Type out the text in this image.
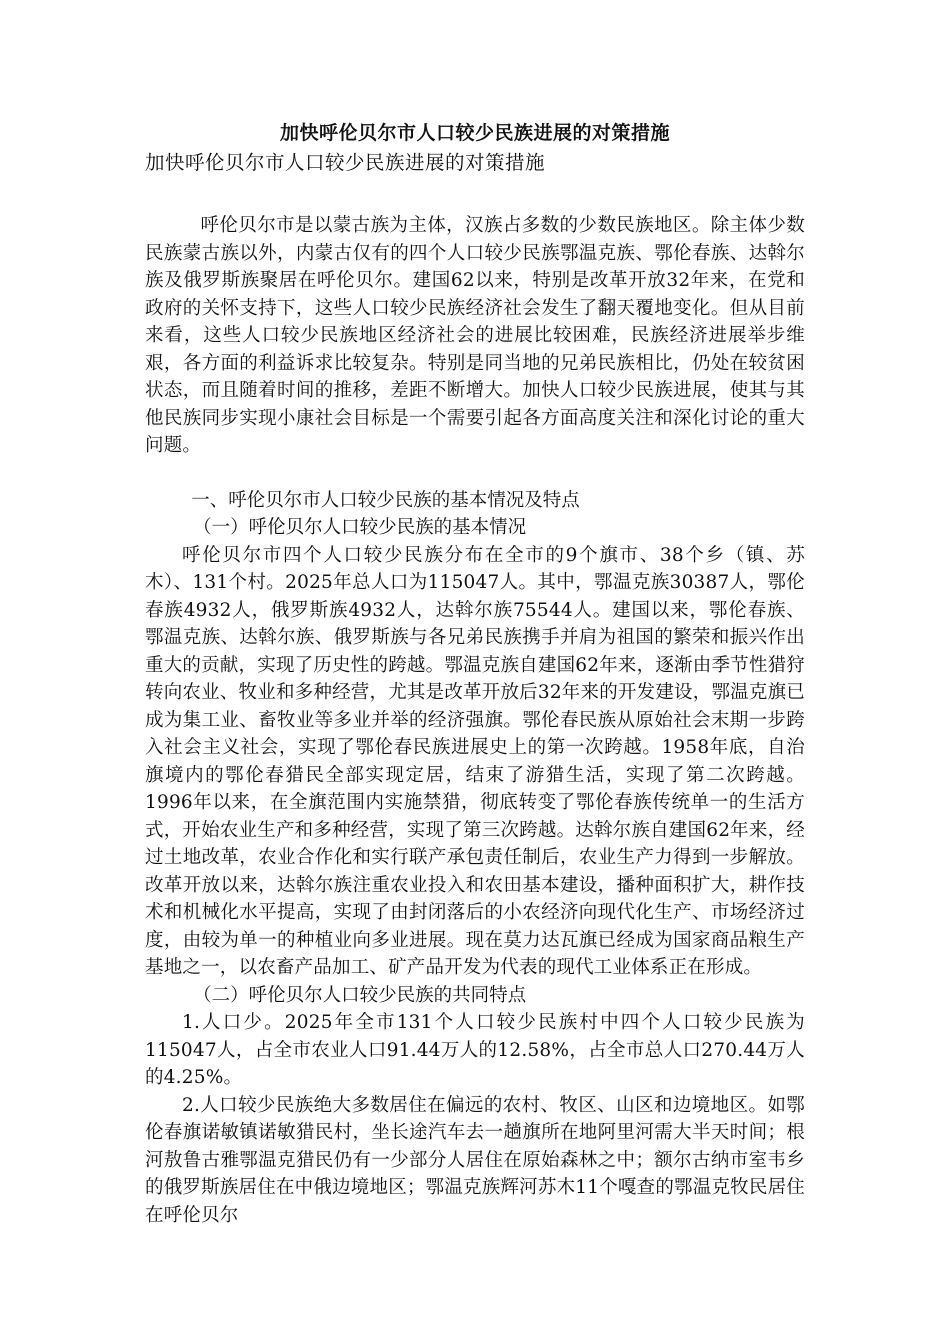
加快呼伦贝尔市人口较少民族进展的对策措施

加快呼伦贝尔市人口较少民族进展的对策措施

呼伦贝尔市是以蒙古族为主体，汉族占多数的少数民族地区。除主体少数民族蒙古族以外，内蒙古仅有的四个人口较少民族鄂温克族、鄂伦春族、达斡尔族及俄罗斯族聚居在呼伦贝尔。建国62以来，特别是改革开放32年来，在党和政府的关怀支持下，这些人口较少民族经济社会发生了翻天覆地变化。但从目前来看，这些人口较少民族地区经济社会的进展比较困难，民族经济进展举步维艰，各方面的利益诉求比较复杂。特别是同当地的兄弟民族相比，仍处在较贫困状态，而且随着时间的推移，差距不断增大。加快人口较少民族进展，使其与其他民族同步实现小康社会目标是一个需要引起各方面高度关注和深化讨论的重大问题。

一、呼伦贝尔市人口较少民族的基本情况及特点

（一）呼伦贝尔人口较少民族的基本情况

呼伦贝尔市四个人口较少民族分布在全市的9个旗市、38个乡（镇、苏木）、131个村。2025年总人口为115047人。其中，鄂温克族30387人，鄂伦春族4932人，俄罗斯族4932人，达斡尔族75544人。建国以来，鄂伦春族、鄂温克族、达斡尔族、俄罗斯族与各兄弟民族携手并肩为祖国的繁荣和振兴作出重大的贡献，实现了历史性的跨越。鄂温克族自建国62年来，逐渐由季节性猎狩转向农业、牧业和多种经营，尤其是改革开放后32年来的开发建设，鄂温克旗已成为集工业、畜牧业等多业并举的经济强旗。鄂伦春民族从原始社会末期一步跨入社会主义社会，实现了鄂伦春民族进展史上的第一次跨越。1958年底，自治旗境内的鄂伦春猎民全部实现定居，结束了游猎生活，实现了第二次跨越。1996年以来，在全旗范围内实施禁猎，彻底转变了鄂伦春族传统单一的生活方式，开始农业生产和多种经营，实现了第三次跨越。达斡尔族自建国62年来，经过土地改革，农业合作化和实行联产承包责任制后，农业生产力得到一步解放。改革开放以来，达斡尔族注重农业投入和农田基本建设，播种面积扩大，耕作技术和机械化水平提高，实现了由封闭落后的小农经济向现代化生产、市场经济过度，由较为单一的种植业向多业进展。现在莫力达瓦旗已经成为国家商品粮生产基地之一，以农畜产品加工、矿产品开发为代表的现代工业体系正在形成。

（二）呼伦贝尔人口较少民族的共同特点

1.人口少。2025年全市131个人口较少民族村中四个人口较少民族为115047人，占全市农业人口91.44万人的12.58%，占全市总人口270.44万人的4.25%。

2.人口较少民族绝大多数居住在偏远的农村、牧区、山区和边境地区。如鄂伦春旗诺敏镇诺敏猎民村，坐长途汽车去一趟旗所在地阿里河需大半天时间；根河敖鲁古雅鄂温克猎民仍有一少部分人居住在原始森林之中；额尔古纳市室韦乡的俄罗斯族居住在中俄边境地区；鄂温克族辉河苏木11个嘎查的鄂温克牧民居住在呼伦贝尔
